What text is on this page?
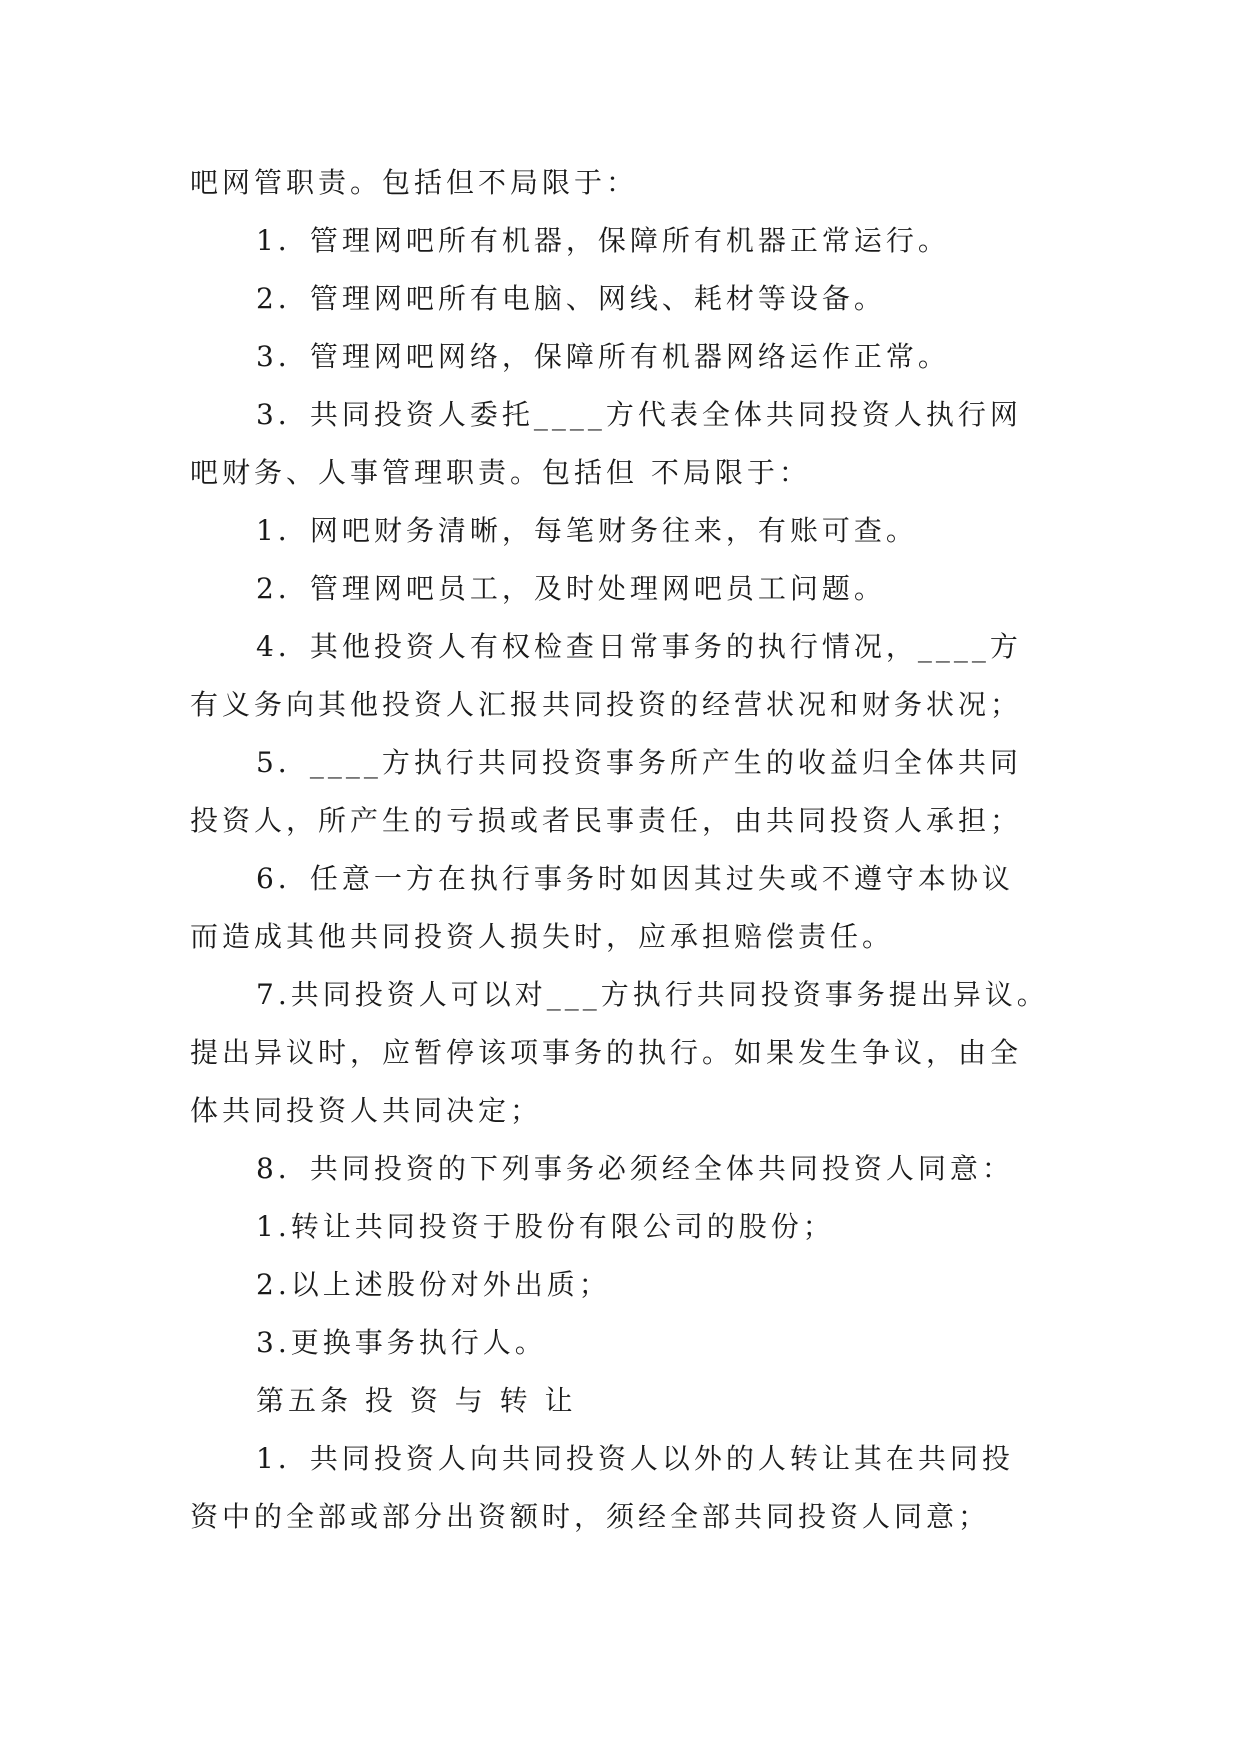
吧网管职责。包括但不局限于：
1．管理网吧所有机器，保障所有机器正常运行。
2．管理网吧所有电脑、网线、耗材等设备。
3．管理网吧网络，保障所有机器网络运作正常。
3．共同投资人委托____方代表全体共同投资人执行网
吧财务、人事管理职责。包括但 不局限于：
1．网吧财务清晰，每笔财务往来，有账可查。
2．管理网吧员工，及时处理网吧员工问题。
4．其他投资人有权检查日常事务的执行情况，____方
有义务向其他投资人汇报共同投资的经营状况和财务状况；
5．____方执行共同投资事务所产生的收益归全体共同
投资人，所产生的亏损或者民事责任，由共同投资人承担；
6．任意一方在执行事务时如因其过失或不遵守本协议
而造成其他共同投资人损失时，应承担赔偿责任。
7.共同投资人可以对___方执行共同投资事务提出异议。
提出异议时，应暂停该项事务的执行。如果发生争议，由全
体共同投资人共同决定；
8．共同投资的下列事务必须经全体共同投资人同意：
1.转让共同投资于股份有限公司的股份；
2.以上述股份对外出质；
3.更换事务执行人。
第五条 投 资 与 转 让
1．共同投资人向共同投资人以外的人转让其在共同投
资中的全部或部分出资额时，须经全部共同投资人同意；
